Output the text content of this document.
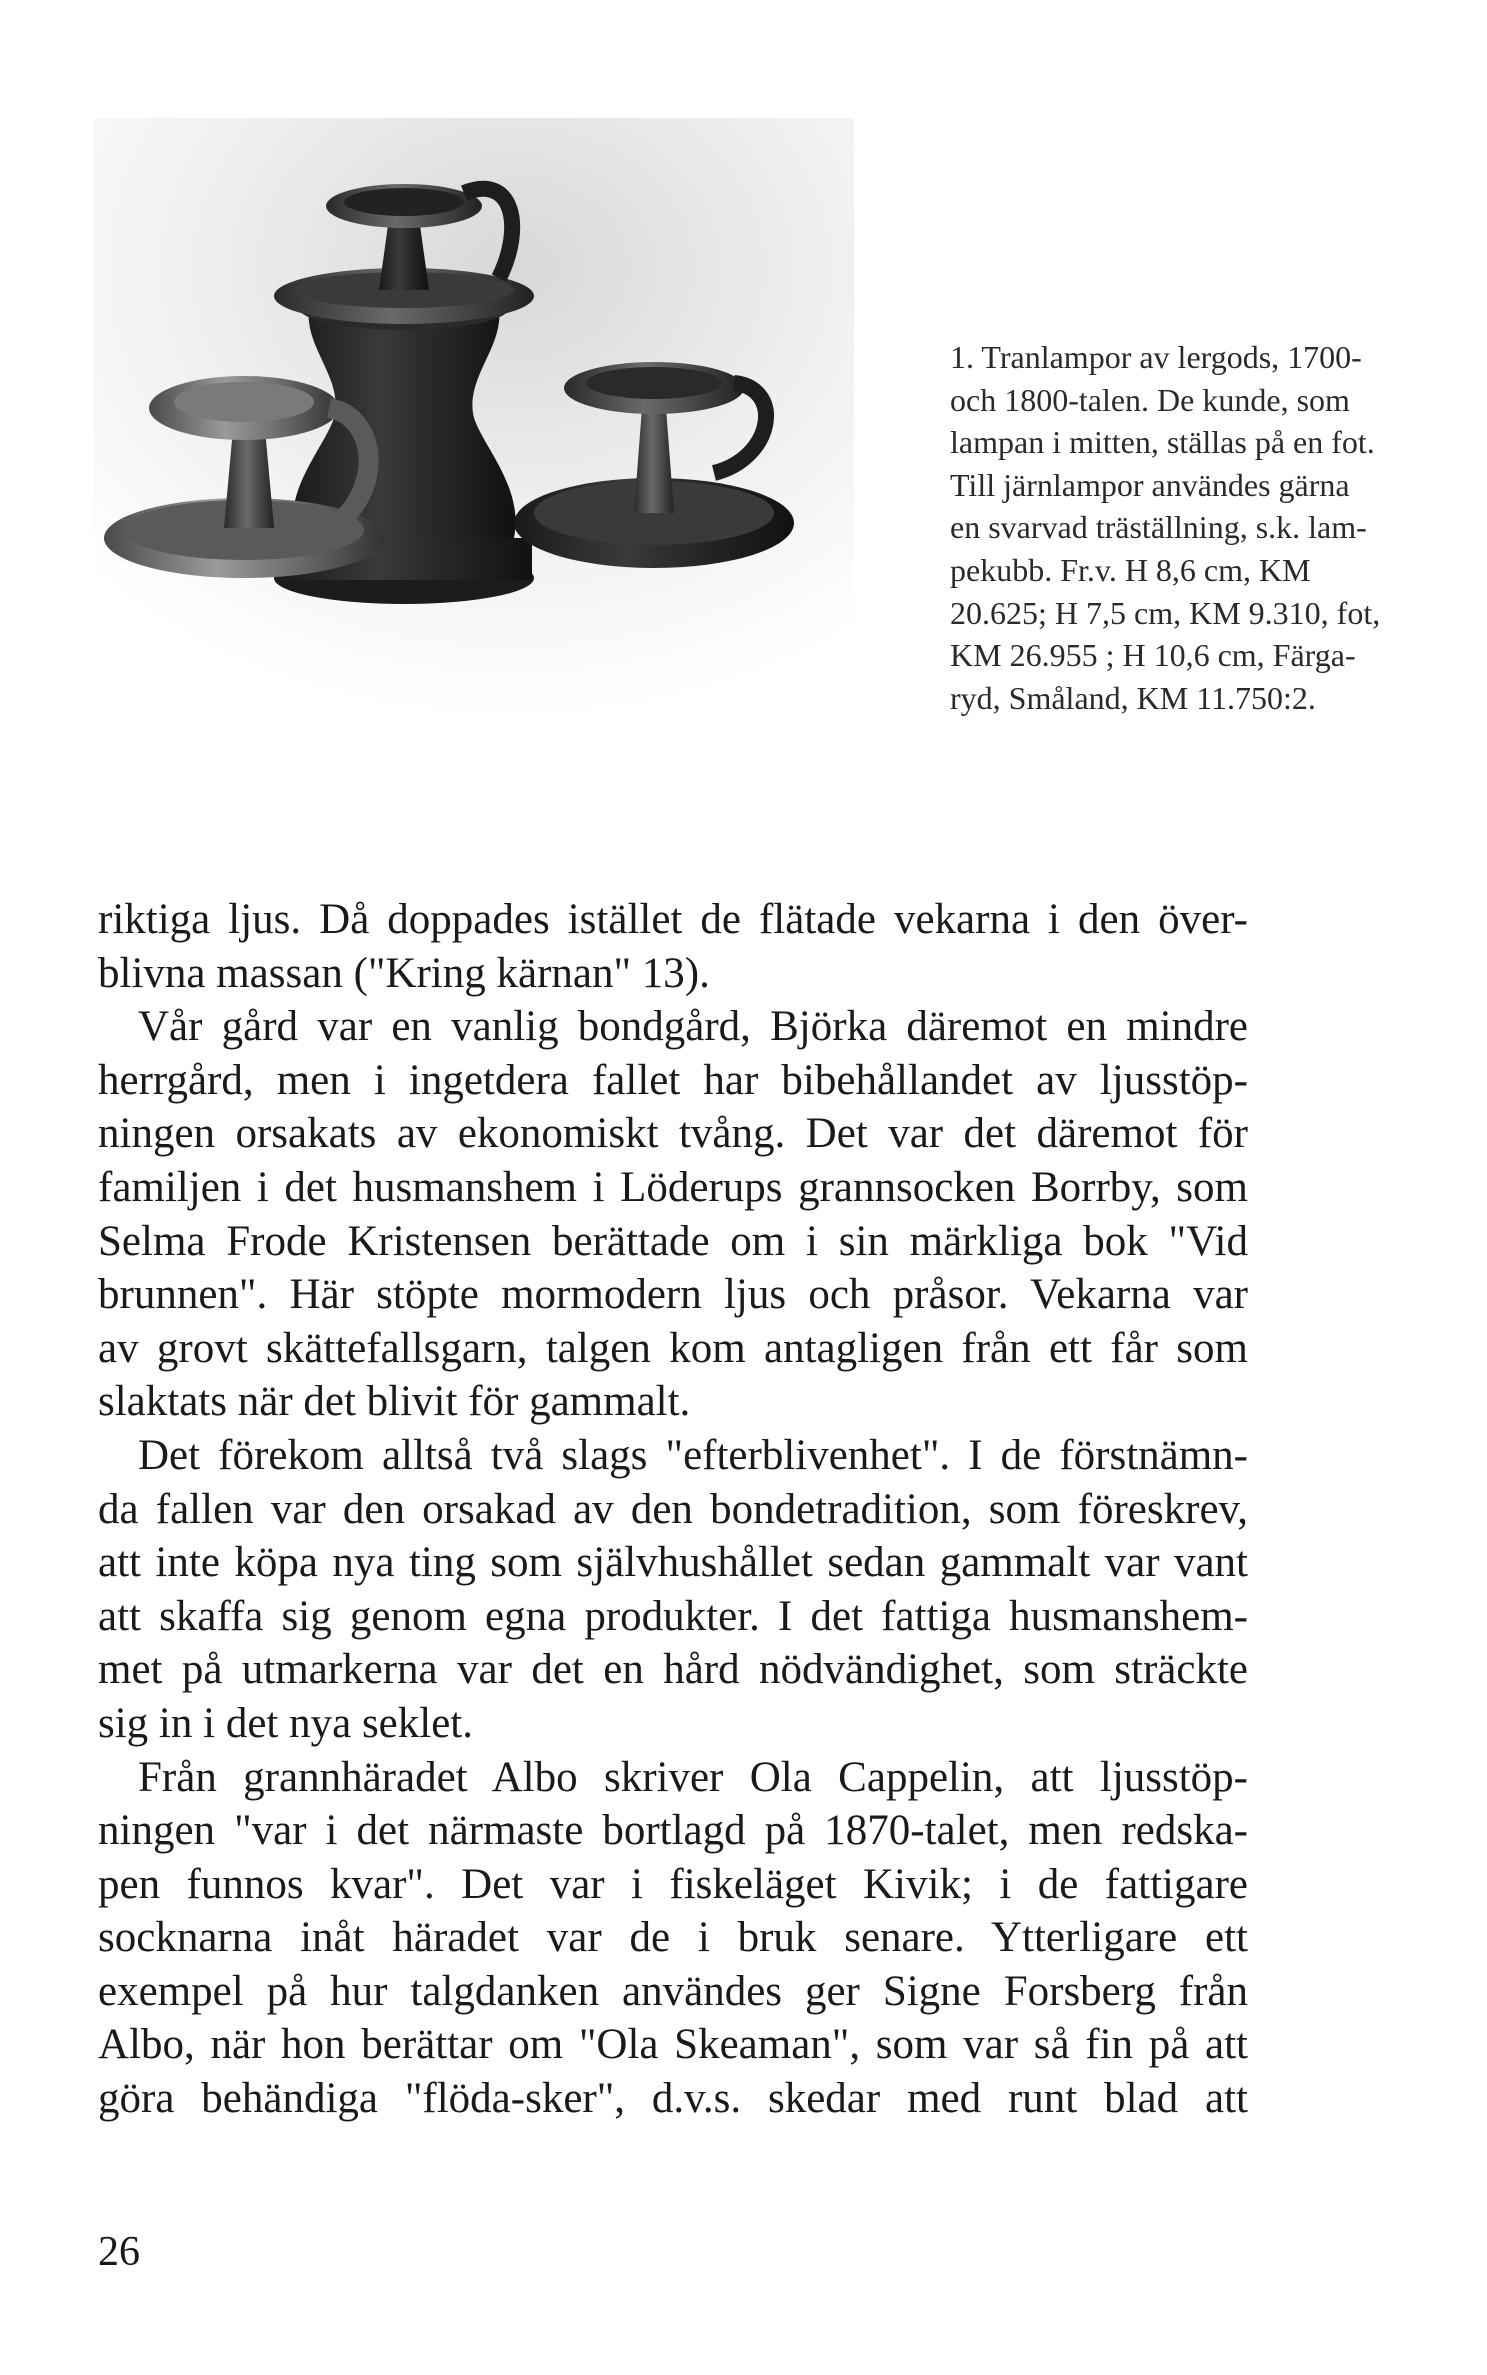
1. Tranlampor av lergods, 1700-
och 1800-talen. De kunde, som
lampan i mitten, ställas på en fot.
Till järnlampor användes gärna
en svarvad träställning, s.k. lam-
pekubb. Fr.v. H 8,6 cm, KM
20.625; H 7,5 cm, KM 9.310, fot,
KM 26.955 ; H 10,6 cm, Färga-
ryd, Småland, KM 11.750:2.
riktiga ljus. Då doppades istället de flätade vekarna i den över-
blivna massan ("Kring kärnan" 13).
Vår gård var en vanlig bondgård, Björka däremot en mindre
herrgård, men i ingetdera fallet har bibehållandet av ljusstöp-
ningen orsakats av ekonomiskt tvång. Det var det däremot för
familjen i det husmanshem i Löderups grannsocken Borrby, som
Selma Frode Kristensen berättade om i sin märkliga bok "Vid
brunnen". Här stöpte mormodern ljus och pråsor. Vekarna var
av grovt skättefallsgarn, talgen kom antagligen från ett får som
slaktats när det blivit för gammalt.
Det förekom alltså två slags "efterblivenhet". I de förstnämn-
da fallen var den orsakad av den bondetradition, som föreskrev,
att inte köpa nya ting som självhushållet sedan gammalt var vant
att skaffa sig genom egna produkter. I det fattiga husmanshem-
met på utmarkerna var det en hård nödvändighet, som sträckte
sig in i det nya seklet.
Från grannhäradet Albo skriver Ola Cappelin, att ljusstöp-
ningen "var i det närmaste bortlagd på 1870-talet, men redska-
pen funnos kvar". Det var i fiskeläget Kivik; i de fattigare
socknarna inåt häradet var de i bruk senare. Ytterligare ett
exempel på hur talgdanken användes ger Signe Forsberg från
Albo, när hon berättar om "Ola Skeaman", som var så fin på att
göra behändiga "flöda-sker", d.v.s. skedar med runt blad att
26
